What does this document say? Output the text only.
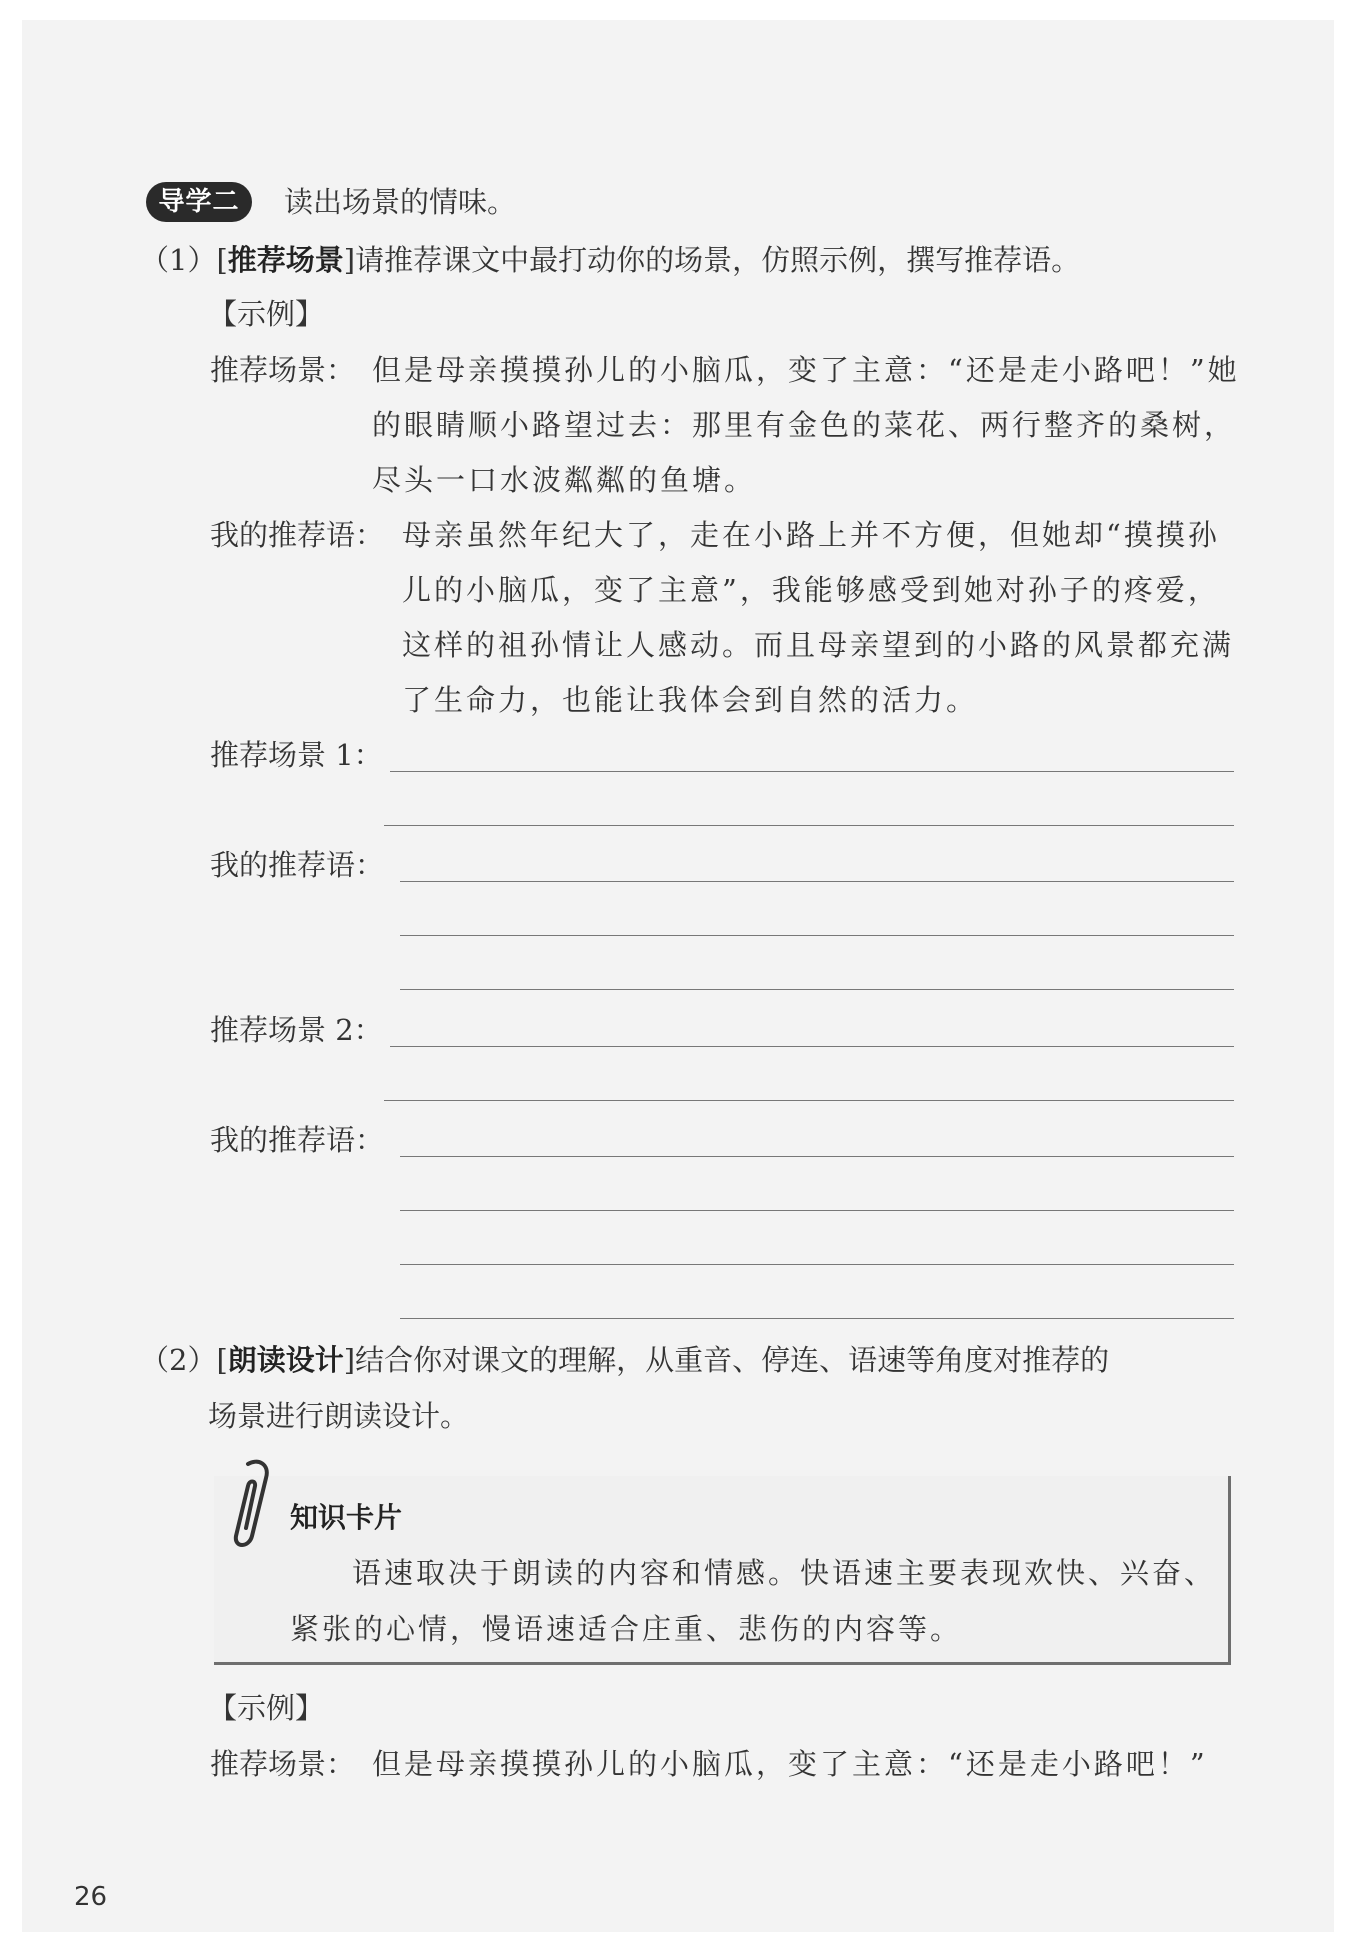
导学二	读出场景的情味。
（1）[推荐场景]请推荐课文中最打动你的场景，仿照示例，撰写推荐语。
【示例】
推荐场景： 但是母亲摸摸孙儿的小脑瓜，变了主意：“还是走小路吧！”她
的眼睛顺小路望过去：那里有金色的菜花、两行整齐的桑树，
尽头一口水波粼粼的鱼塘。
我的推荐语： 母亲虽然年纪大了，走在小路上并不方便，但她却“摸摸孙
儿的小脑瓜，变了主意”，我能够感受到她对孙子的疼爱，
这样的祖孙情让人感动。而且母亲望到的小路的风景都充满
了生命力，也能让我体会到自然的活力。
推荐场景 1：
我的推荐语：
推荐场景 2：
我的推荐语：
（2）[朗读设计]结合你对课文的理解，从重音、停连、语速等角度对推荐的
场景进行朗读设计。
知识卡片
语速取决于朗读的内容和情感。快语速主要表现欢快、兴奋、
紧张的心情，慢语速适合庄重、悲伤的内容等。
【示例】
推荐场景： 但是母亲摸摸孙儿的小脑瓜，变了主意：“还是走小路吧！”
26
